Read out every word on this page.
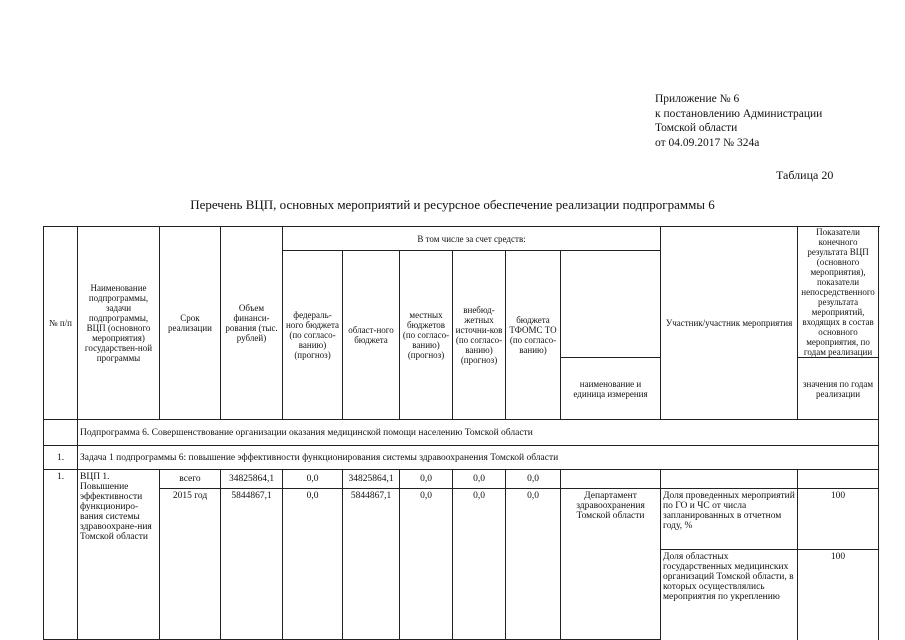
Приложение № 6
к постановлению Администрации
Томской области
от 04.09.2017 № 324а
Таблица 20
Перечень ВЦП, основных мероприятий и ресурсное обеспечение реализации подпрограммы 6
№ п/п	Наименование подпрограммы, задачи подпрограммы, ВЦП (основного мероприятия) государствен-ной программы	Срок реализации	Объем финанси-рования (тыс. рублей)	В том числе за счет средств:						Участник/участник мероприятия	Показатели конечного результата ВЦП (основного мероприятия), показатели непосредственного результата мероприятий, входящих в состав основного мероприятия, по годам реализации
				федераль-ного бюджета (по согласо-ванию) (прогноз)	област-ного бюджета	местных бюджетов (по согласо-ванию) (прогноз)	внебюд-жетных источни-ков (по согласо-ванию) (прогноз)	бюджета ТФОМС ТО (по согласо-ванию)			
									наименование и единица измерения		значения по годам реализации
	Подпрограмма 6. Совершенствование организации оказания медицинской помощи населению Томской области										
1.	Задача 1 подпрограммы 6: повышение эффективности функционирования системы здравоохранения Томской области										
1.	ВЦП 1. Повышение эффективности функциониро-вания системы здравоохране-ния Томской области	всего	34825864,1	0,0	34825864,1	0,0	0,0	0,0			
		2015 год	5844867,1	0,0	5844867,1	0,0	0,0	0,0	Департамент здравоохранения Томской области	Доля проведенных мероприятий по ГО и ЧС от числа запланированных в отчетном году, %	100
										Доля областных государственных медицинских организаций Томской области, в которых осуществлялись мероприятия по укреплению	100
